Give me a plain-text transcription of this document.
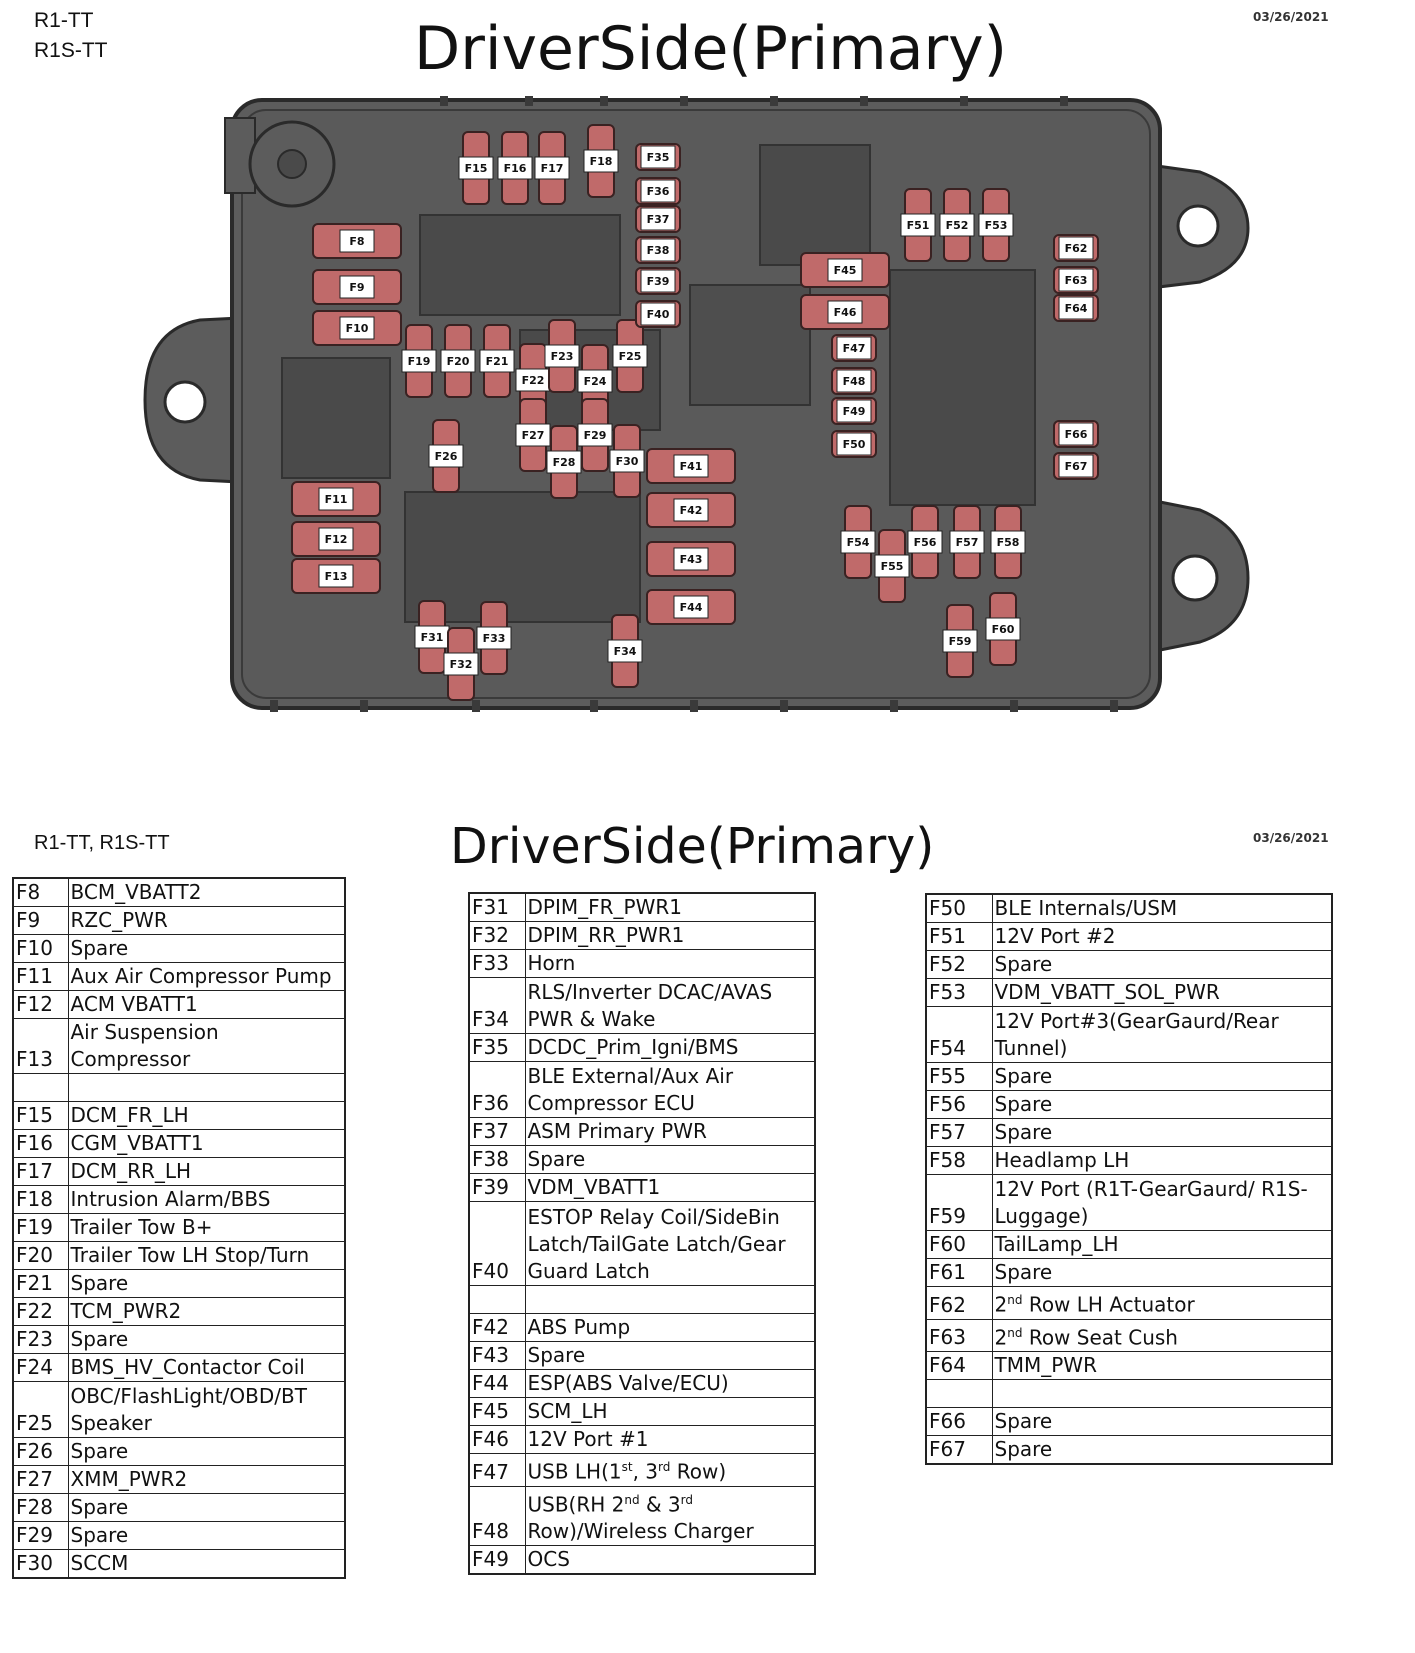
R1-TT
R1S-TT	DriverSide(Primary)	03/26/2021
F8
F9
F10
F11
F12
F13
F15 F16 F17
F18
F19 F20 F21
F22
F23
F24
F25
F26
F27
F28
F29
F30
F31
F32
F33
F34
F35
F36
F37
F38
F39
F40
F41
F42
F43
F44
F45
F46
F47
F48
F49
F50
F51 F52 F53
F54
F55
F56 F57 F58
F59
F60
F62
F63
F64
F66
F67
R1-TT, R1S-TT	DriverSide(Primary)	03/26/2021
F8	BCM_VBATT2
F9	RZC_PWR
F10	Spare
F11	Aux Air Compressor Pump
F12	ACM VBATT1
F13	Air Suspension Compressor

F15	DCM_FR_LH
F16	CGM_VBATT1
F17	DCM_RR_LH
F18	Intrusion Alarm/BBS
F19	Trailer Tow B+
F20	Trailer Tow LH Stop/Turn
F21	Spare
F22	TCM_PWR2
F23	Spare
F24	BMS_HV_Contactor Coil
F25	OBC/FlashLight/OBD/BT Speaker
F26	Spare
F27	XMM_PWR2
F28	Spare
F29	Spare
F30	SCCM
F31	DPIM_FR_PWR1
F32	DPIM_RR_PWR1
F33	Horn
F34	RLS/Inverter DCAC/AVAS PWR & Wake
F35	DCDC_Prim_Igni/BMS
F36	BLE External/Aux Air Compressor ECU
F37	ASM Primary PWR
F38	Spare
F39	VDM_VBATT1
F40	ESTOP Relay Coil/SideBin Latch/TailGate Latch/Gear Guard Latch

F42	ABS Pump
F43	Spare
F44	ESP(ABS Valve/ECU)
F45	SCM_LH
F46	12V Port #1
F47	USB LH(1st, 3rd Row)
F48	USB(RH 2nd & 3rd Row)/Wireless Charger
F49	OCS
F50	BLE Internals/USM
F51	12V Port #2
F52	Spare
F53	VDM_VBATT_SOL_PWR
F54	12V Port#3(GearGaurd/Rear Tunnel)
F55	Spare
F56	Spare
F57	Spare
F58	Headlamp LH
F59	12V Port (R1T-GearGaurd/ R1S-Luggage)
F60	TailLamp_LH
F61	Spare
F62	2nd Row LH Actuator
F63	2nd Row Seat Cush
F64	TMM_PWR

F66	Spare
F67	Spare
